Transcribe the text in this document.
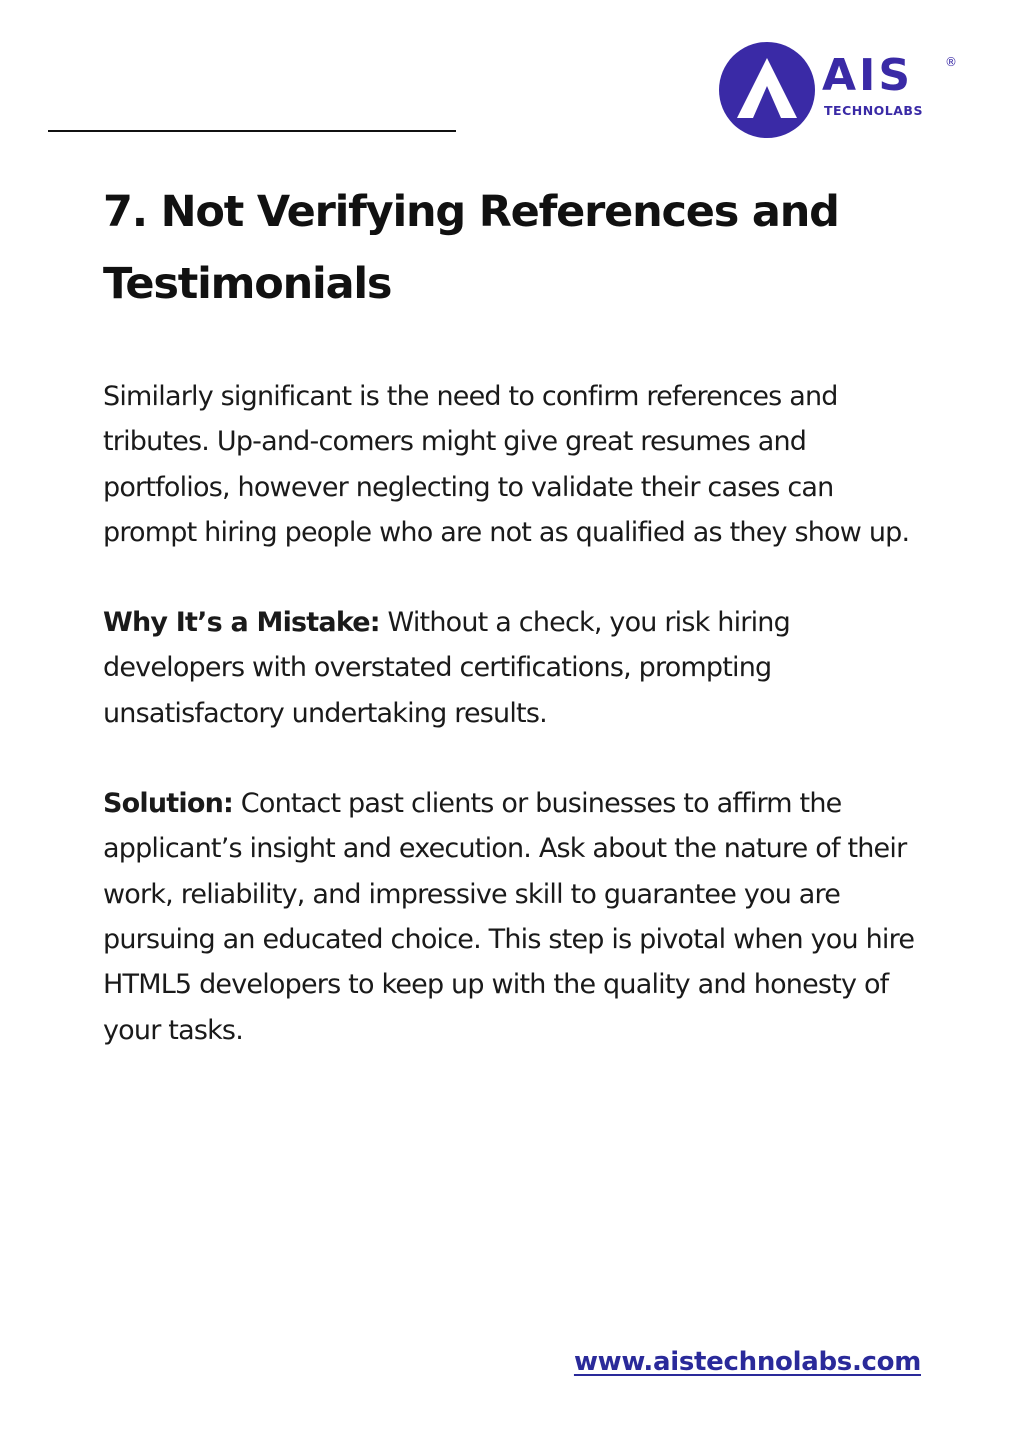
AIS	®
TECHNOLABS
7. Not Verifying References and Testimonials

Similarly significant is the need to confirm references and tributes. Up-and-comers might give great resumes and portfolios, however neglecting to validate their cases can prompt hiring people who are not as qualified as they show up.

Why It’s a Mistake: Without a check, you risk hiring developers with overstated certifications, prompting unsatisfactory undertaking results.

Solution: Contact past clients or businesses to affirm the applicant’s insight and execution. Ask about the nature of their work, reliability, and impressive skill to guarantee you are pursuing an educated choice. This step is pivotal when you hire HTML5 developers to keep up with the quality and honesty of your tasks.

www.aistechnolabs.com
